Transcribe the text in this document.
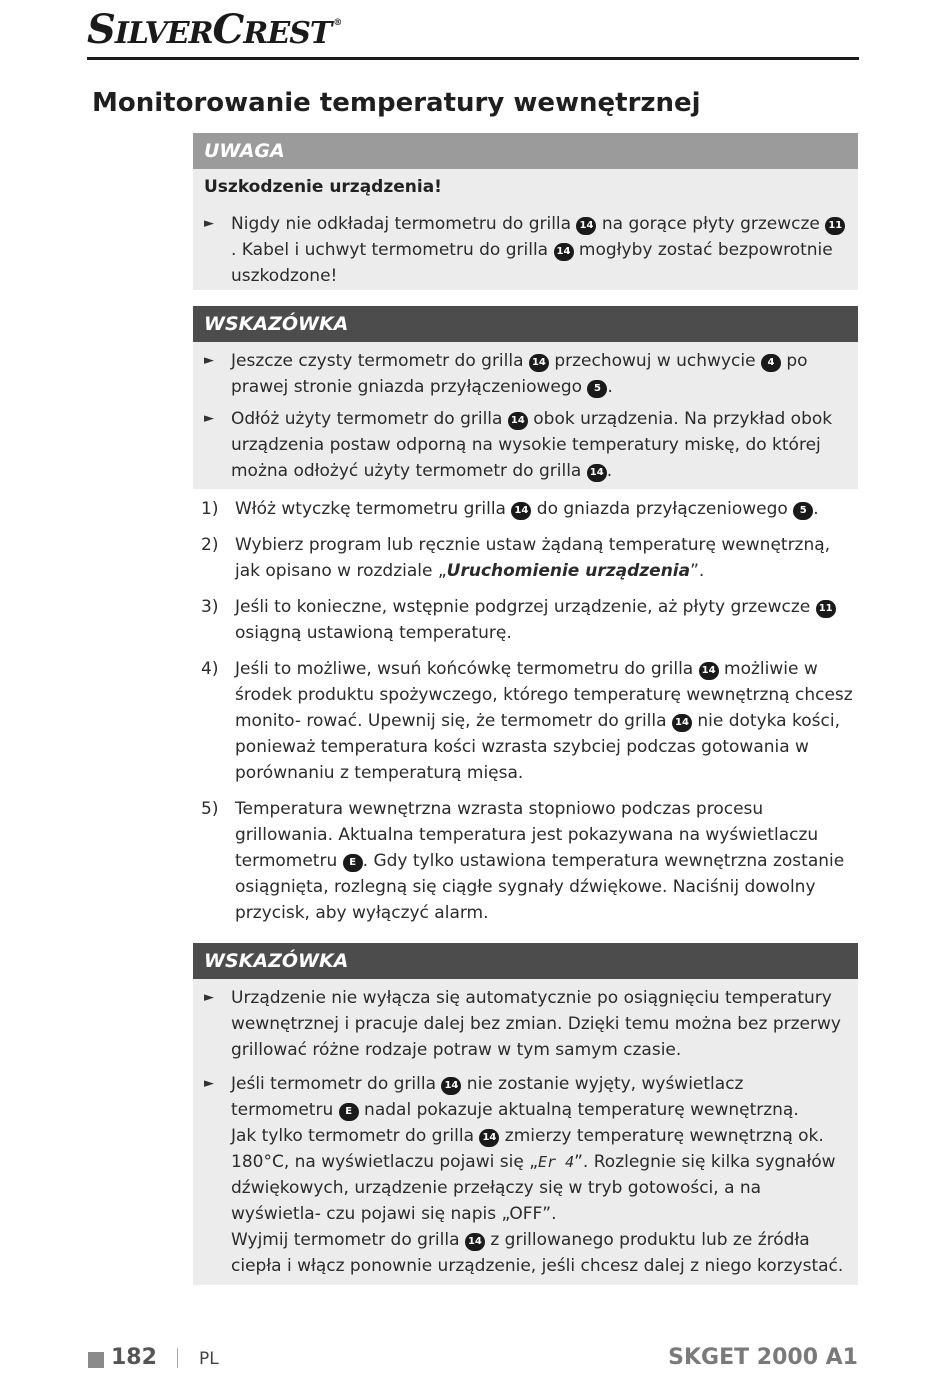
SILVERCREST ®
Monitorowanie temperatury wewnętrznej
UWAGA
Uszkodzenie urządzenia!
► Nigdy nie odkładaj termometru do grilla 14 na gorące płyty grzewcze 11. Kabel i uchwyt termometru do grilla 14 mogłyby zostać bezpowrotnie uszkodzone!
WSKAZÓWKA
► Jeszcze czysty termometr do grilla 14 przechowuj w uchwycie 4 po prawej stronie gniazda przyłączeniowego 5 .
► Odłóż użyty termometr do grilla 14 obok urządzenia. Na przykład obok urządzenia postaw odporną na wysokie temperatury miskę, do której można odłożyć użyty termometr do grilla 14 .
1) Włóż wtyczkę termometru grilla 14 do gniazda przyłączeniowego 5 .
2) Wybierz program lub ręcznie ustaw żądaną temperaturę wewnętrzną, jak opisano w rozdziale „Uruchomienie urządzenia”.
3) Jeśli to konieczne, wstępnie podgrzej urządzenie, aż płyty grzewcze 11 osiągną ustawioną temperaturę.
4) Jeśli to możliwe, wsuń końcówkę termometru do grilla 14 możliwie w środek produktu spożywczego, którego temperaturę wewnętrzną chcesz monito- rować. Upewnij się, że termometr do grilla 14 nie dotyka kości, ponieważ temperatura kości wzrasta szybciej podczas gotowania w porównaniu z temperaturą mięsa.
5) Temperatura wewnętrzna wzrasta stopniowo podczas procesu grillowania. Aktualna temperatura jest pokazywana na wyświetlaczu termometru E . Gdy tylko ustawiona temperatura wewnętrzna zostanie osiągnięta, rozlegną się ciągłe sygnały dźwiękowe. Naciśnij dowolny przycisk, aby wyłączyć alarm.
WSKAZÓWKA
► Urządzenie nie wyłącza się automatycznie po osiągnięciu temperatury wewnętrznej i pracuje dalej bez zmian. Dzięki temu można bez przerwy grillować różne rodzaje potraw w tym samym czasie.
► Jeśli termometr do grilla 14 nie zostanie wyjęty, wyświetlacz termometru E nadal pokazuje aktualną temperaturę wewnętrzną.
Jak tylko termometr do grilla 14 zmierzy temperaturę wewnętrzną ok. 180°C, na wyświetlaczu pojawi się „Er 4”. Rozlegnie się kilka sygnałów dźwiękowych, urządzenie przełączy się w tryb gotowości, a na wyświetla- czu pojawi się napis „OFF”.
Wyjmij termometr do grilla 14 z grillowanego produktu lub ze źródła ciepła i włącz ponownie urządzenie, jeśli chcesz dalej z niego korzystać.
182 PL	SKGET 2000 A1
